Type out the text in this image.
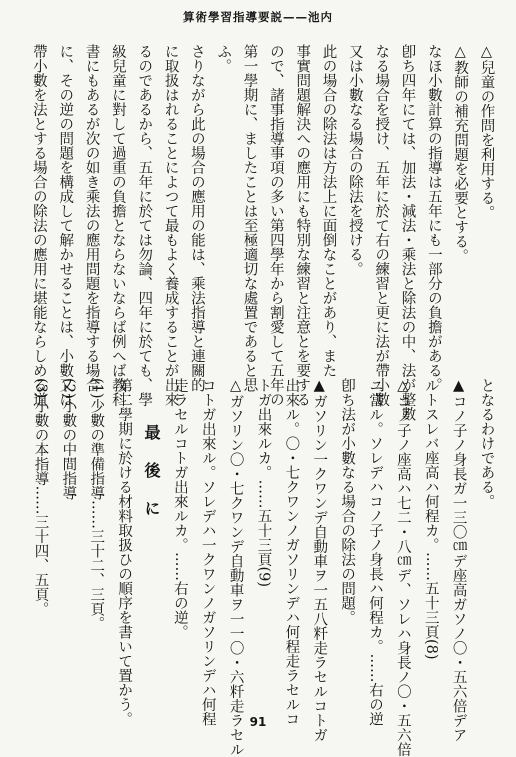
算術學習指導要説——池内
△兒童の作問を利用する。
△教師の補充問題を必要とする。
なほ小數計算の指導は五年にも一部分の負擔がある。
卽ち四年にては、加法・減法・乘法と除法の中、法が整數
なる場合を授け、五年に於て右の練習と更に法が帶小數
又は小數なる場合の除法を授ける。
此の場合の除法は方法上に面倒なことがあり、また
事實問題解決への應用にも特別な練習と注意とを要する
ので、諸事指導事項の多い第四學年から割愛して五年の
第一學期に、ましたことは至極適切な處置であると思
ふ。
さりながら此の場合の應用の能は、乘法指導と連關的
に取扱はれることによつて最もよく養成することが出來
るのであるから、五年に於ては勿論、四年に於ても、學
級兒童に對して過重の負擔とならないならば例へば教科
書にもあるが次の如き乘法の應用問題を指導する場合
に、その逆の問題を構成して解かせることは、小數又は
帶小數を法とする場合の除法の應用に堪能ならしめる道
となるわけである。
▲コノ子ノ身長ガ一三〇㎝デ座高ガソノ〇・五六倍デア
ルトスレバ座高ハ何程カ。……五十三頁(8)
△コノ子ノ座高ハ七二・八㎝デ、ソレハ身長ノ〇・五六倍
ニ當ル。ソレデハコノ子ノ身長ハ何程カ。……右の逆
卽ち法が小數なる場合の除法の問題。
▲ガソリン一クワンデ自動車ヲ一五八粁走ラセルコトガ
出來ル。〇・七クワンノガソリンデハ何程走ラセルコ
トガ出來ルカ。……五十三頁(9)
△ガソリン〇・七クワンデ自動車ヲ一一〇・六粁走ラセル
コトガ出來ル。ソレデハ一クワンノガソリンデハ何程
走ラセルコトガ出來ルカ。……右の逆。
最後に
第二學期に於ける材料取扱ひの順序を書いて置かう。
(1)少數の準備指導……三十二、三頁。
(2)小數の中間指導
(3)小數の本指導……三十四、五頁。
91
